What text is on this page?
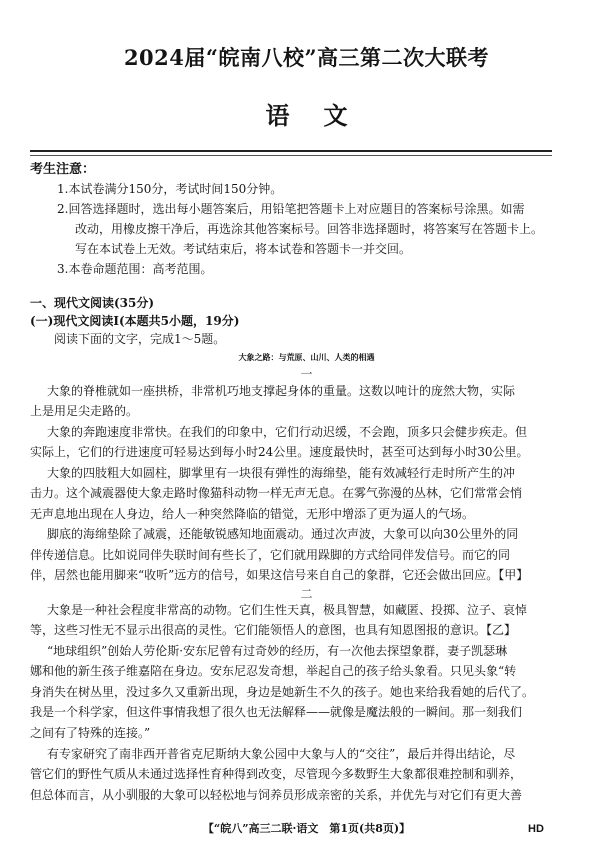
2024届“皖南八校”高三第二次大联考
语文
考生注意：
1.本试卷满分150分，考试时间150分钟。
2.回答选择题时，选出每小题答案后，用铅笔把答题卡上对应题目的答案标号涂黑。如需
改动，用橡皮擦干净后，再选涂其他答案标号。回答非选择题时，将答案写在答题卡上。
写在本试卷上无效。考试结束后，将本试卷和答题卡一并交回。
3.本卷命题范围：高考范围。
一、现代文阅读(35分)
(一)现代文阅读Ⅰ(本题共5小题，19分)
阅读下面的文字，完成1～5题。
大象之路：与荒原、山川、人类的相遇
一
大象的脊椎就如一座拱桥，非常机巧地支撑起身体的重量。这数以吨计的庞然大物，实际
上是用足尖走路的。
大象的奔跑速度非常快。在我们的印象中，它们行动迟缓，不会跑，顶多只会健步疾走。但
实际上，它们的行进速度可轻易达到每小时24公里。速度最快时，甚至可达到每小时30公里。
大象的四肢粗大如圆柱，脚掌里有一块很有弹性的海绵垫，能有效减轻行走时所产生的冲
击力。这个减震器使大象走路时像猫科动物一样无声无息。在雾气弥漫的丛林，它们常常会悄
无声息地出现在人身边，给人一种突然降临的错觉，无形中增添了更为逼人的气场。
脚底的海绵垫除了减震，还能敏锐感知地面震动。通过次声波，大象可以向30公里外的同
伴传递信息。比如说同伴失联时间有些长了，它们就用跺脚的方式给同伴发信号。而它的同
伴，居然也能用脚来“收听”远方的信号，如果这信号来自自己的象群，它还会做出回应。【甲】
二
大象是一种社会程度非常高的动物。它们生性天真，极具智慧，如藏匿、投掷、泣子、哀悼
等，这些习性无不显示出很高的灵性。它们能领悟人的意图，也具有知恩图报的意识。【乙】
“地球组织”创始人劳伦斯·安东尼曾有过奇妙的经历，有一次他去探望象群，妻子凯瑟琳
娜和他的新生孩子维嘉陪在身边。安东尼忍发奇想，举起自己的孩子给头象看。只见头象“转
身消失在树丛里，没过多久又重新出现，身边是她新生不久的孩子。她也来给我看她的后代了。
我是一个科学家，但这件事情我想了很久也无法解释——就像是魔法般的一瞬间。那一刻我们
之间有了特殊的连接。”
有专家研究了南非西开普省克尼斯纳大象公园中大象与人的“交往”，最后并得出结论，尽
管它们的野性气质从未通过选择性育种得到改变，尽管现今多数野生大象都很难控制和驯养，
但总体而言，从小驯服的大象可以轻松地与饲养员形成亲密的关系，并优先与对它们有更大善
【“皖八”高三二联·语文　第1页(共8页)】	HD
